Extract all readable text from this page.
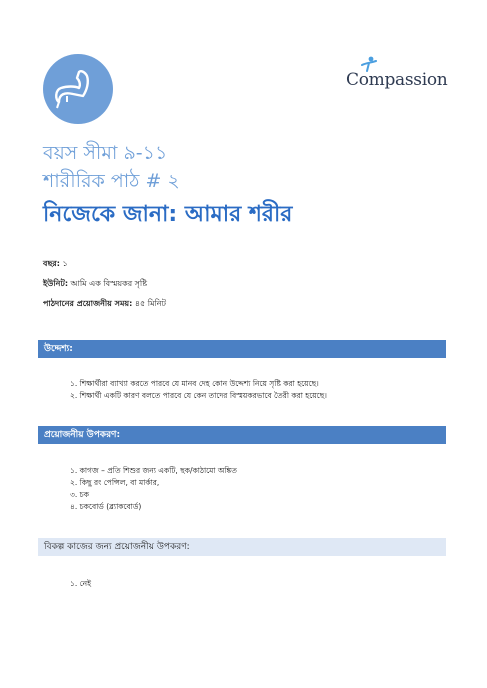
Compassion
বয়স সীমা ৯-১১
শারীরিক পাঠ # ২
নিজেকে জানা: আমার শরীর
বছর: ১
ইউনিট: আমি এক বিস্ময়কর সৃষ্টি
পাঠদানের প্রয়োজনীয় সময়: ৪৫ মিনিট
উদ্দেশ্য:
১. শিক্ষার্থীরা ব্যাখ্যা করতে পারবে যে মানব দেহ কোন উদ্দেশ্য নিয়ে সৃষ্টি করা হয়েছে।
২. শিক্ষার্থী একটি কারণ বলতে পারবে যে কেন তাদের বিস্ময়করভাবে তৈরী করা হয়েছে।
প্রয়োজনীয় উপকরণ:
১. কাগজ – প্রতি শিশুর জন্য একটি, ছক/কাঠামো অঙ্কিত
২. কিছু রং পেন্সিল, বা মার্কার,
৩. চক
৪. চকবোর্ড (ব্ল্যাকবোর্ড)
বিকল্প কাজের জন্য প্রয়োজনীয় উপকরণ:
১. নেই
